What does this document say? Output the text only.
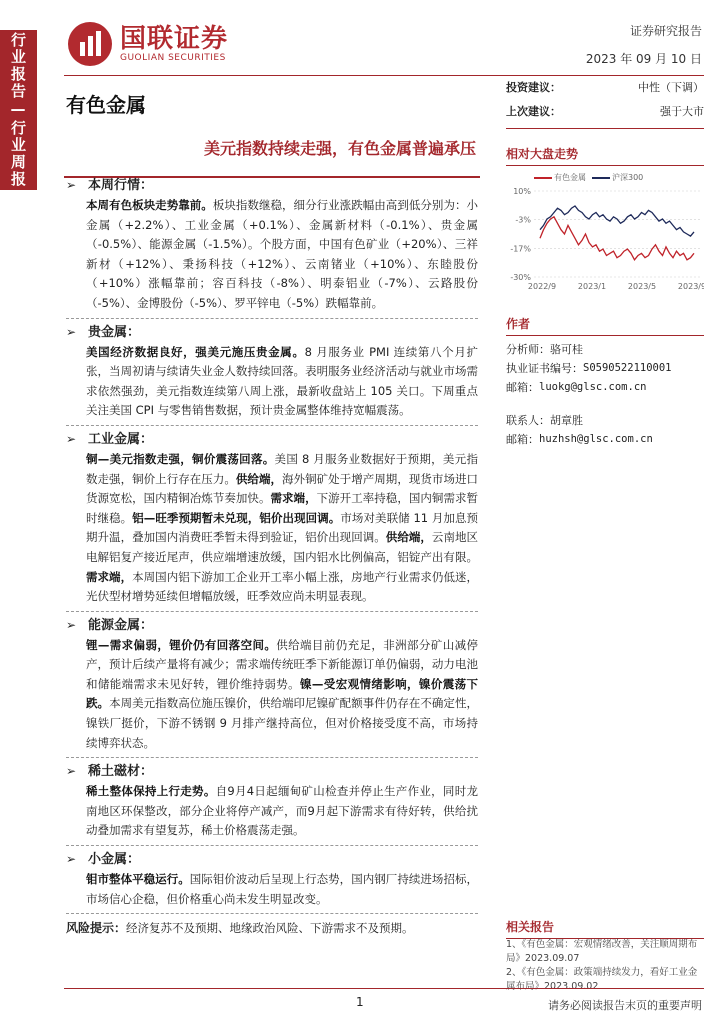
行业报告—行业周报	国联证券
GUOLIAN SECURITIES
证券研究报告
2023 年 09 月 10 日
有色金属
美元指数持续走强，有色金属普遍承压
➢ 本周行情：
本周有色板块走势靠前。板块指数继稳，细分行业涨跌幅由高到低分别为：小金属（+2.2%）、工业金属（+0.1%）、金属新材料（-0.1%）、贵金属（-0.5%）、能源金属（-1.5%）。个股方面，中国有色矿业（+20%）、三祥新材（+12%）、秉扬科技（+12%）、云南锗业（+10%）、东睦股份（+10%）涨幅靠前；容百科技（-8%）、明泰铝业（-7%）、云路股份（-5%）、金博股份（-5%）、罗平锌电（-5%）跌幅靠前。
➢ 贵金属：
美国经济数据良好，强美元施压贵金属。8 月服务业 PMI 连续第八个月扩张，当周初请与续请失业金人数持续回落。表明服务业经济活动与就业市场需求依然强劲，美元指数连续第八周上涨，最新收盘站上 105 关口。下周重点关注美国 CPI 与零售销售数据，预计贵金属整体维持宽幅震荡。
➢ 工业金属：
铜—美元指数走强，铜价震荡回落。美国 8 月服务业数据好于预期，美元指数走强，铜价上行存在压力。供给端，海外铜矿处于增产周期，现货市场进口货源宽松，国内精铜冶炼节奏加快。需求端，下游开工率持稳，国内铜需求暂时继稳。铝—旺季预期暂未兑现，铝价出现回调。市场对美联储 11 月加息预期升温，叠加国内消费旺季暂未得到验证，铝价出现回调。供给端，云南地区电解铝复产接近尾声，供应端增速放缓，国内铝水比例偏高，铝锭产出有限。需求端，本周国内铝下游加工企业开工率小幅上涨，房地产行业需求仍低迷，光伏型材增势延续但增幅放缓，旺季效应尚未明显表现。
➢ 能源金属：
锂—需求偏弱，锂价仍有回落空间。供给端目前仍充足，非洲部分矿山减停产，预计后续产量将有减少；需求端传统旺季下新能源订单仍偏弱，动力电池和储能端需求未见好转，锂价维持弱势。镍—受宏观情绪影响，镍价震荡下跌。本周美元指数高位施压镍价，供给端印尼镍矿配额事件仍存在不确定性，镍铁厂挺价，下游不锈钢 9 月排产继持高位，但对价格接受度不高，市场持续博弈状态。
➢ 稀土磁材：
稀土整体保持上行走势。自9月4日起缅甸矿山检查并停止生产作业，同时龙南地区环保整改，部分企业将停产减产，而9月起下游需求有待好转，供给扰动叠加需求有望复苏，稀土价格震荡走强。
➢ 小金属：
钼市整体平稳运行。国际钼价波动后呈现上行态势，国内钢厂持续进场招标，市场信心企稳，但价格重心尚未发生明显改变。
风险提示：经济复苏不及预期、地缘政治风险、下游需求不及预期。
投资建议：	中性（下调）
上次建议：	强于大市
相对大盘走势
有色金属	沪深300
10%
-3%
-17%
-30%
2022/9	2023/1	2023/5	2023/9
作者
分析师： 骆可桂
执业证书编号： S0590522110001
邮箱： luokg@glsc.com.cn
联系人： 胡章胜
邮箱： huzhsh@glsc.com.cn
相关报告
1、《有色金属：宏观情绪改善，关注顺周期布局》2023.09.07
2、《有色金属：政策端持续发力，看好工业金属布局》2023.09.02
1	请务必阅读报告末页的重要声明
